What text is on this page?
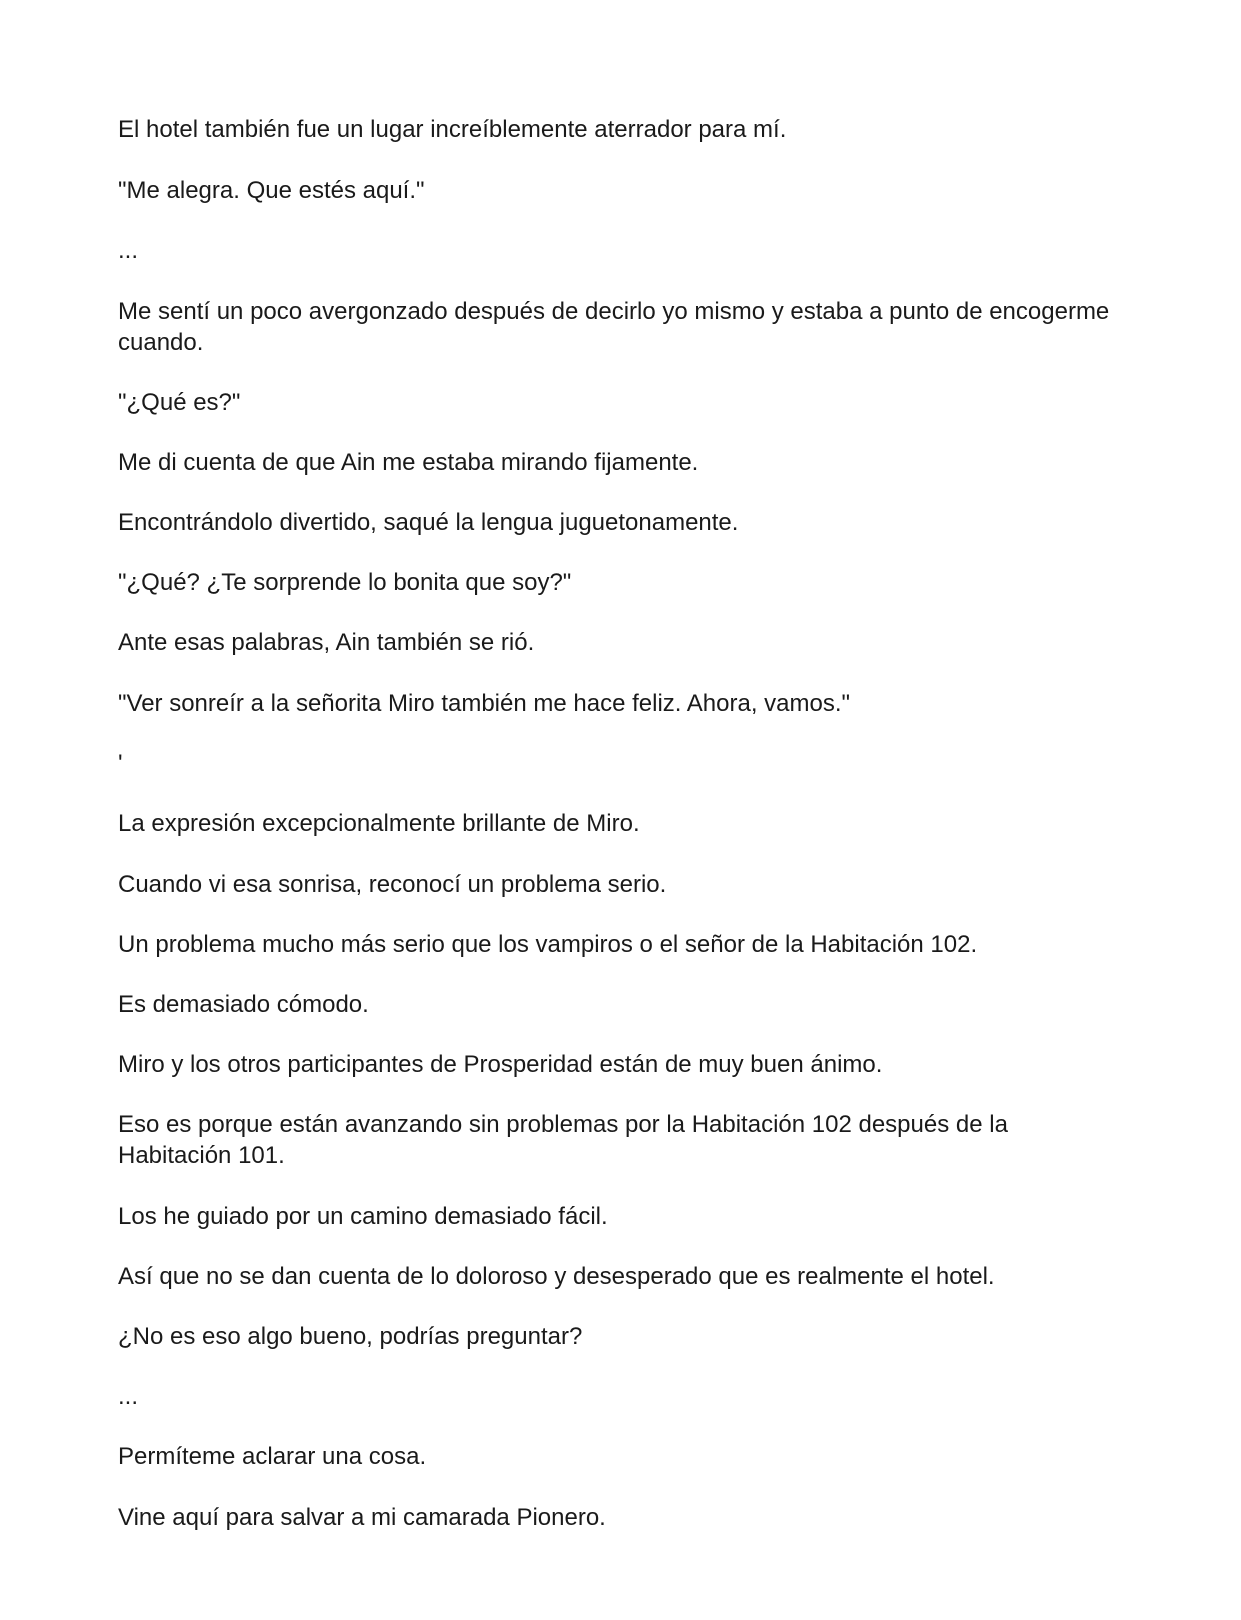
El hotel también fue un lugar increíblemente aterrador para mí.

"Me alegra. Que estés aquí."

...

Me sentí un poco avergonzado después de decirlo yo mismo y estaba a punto de encogerme cuando.

"¿Qué es?"

Me di cuenta de que Ain me estaba mirando fijamente.

Encontrándolo divertido, saqué la lengua juguetonamente.

"¿Qué? ¿Te sorprende lo bonita que soy?"

Ante esas palabras, Ain también se rió.

"Ver sonreír a la señorita Miro también me hace feliz. Ahora, vamos."

'

La expresión excepcionalmente brillante de Miro.

Cuando vi esa sonrisa, reconocí un problema serio.

Un problema mucho más serio que los vampiros o el señor de la Habitación 102.

Es demasiado cómodo.

Miro y los otros participantes de Prosperidad están de muy buen ánimo.

Eso es porque están avanzando sin problemas por la Habitación 102 después de la Habitación 101.

Los he guiado por un camino demasiado fácil.

Así que no se dan cuenta de lo doloroso y desesperado que es realmente el hotel.

¿No es eso algo bueno, podrías preguntar?

...

Permíteme aclarar una cosa.

Vine aquí para salvar a mi camarada Pionero.
